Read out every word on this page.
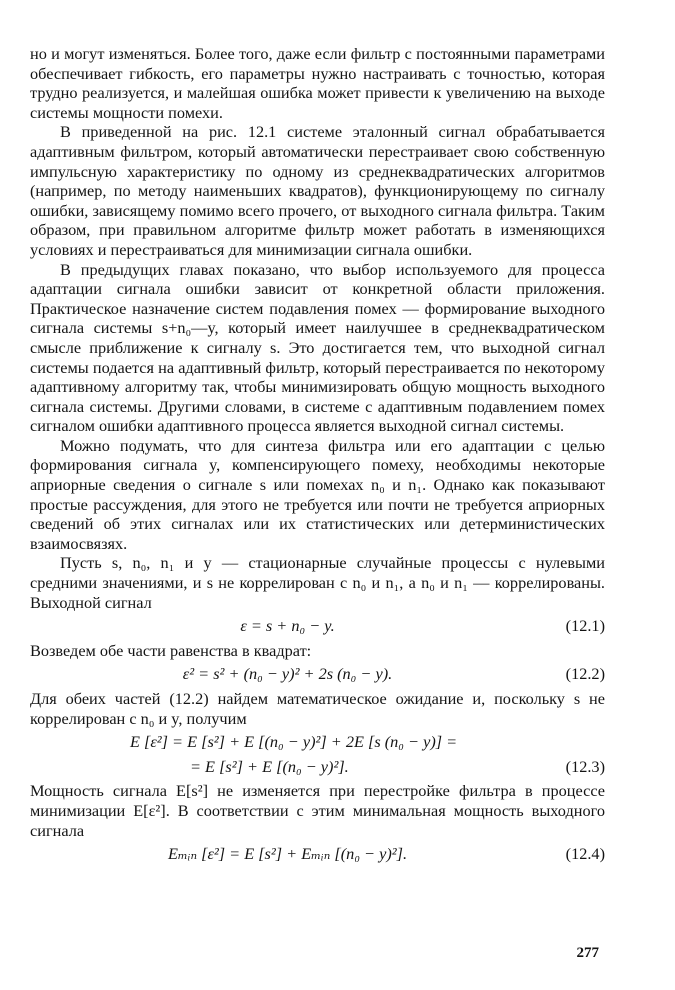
но и могут изменяться. Более того, даже если фильтр с постоянными параметрами обеспечивает гибкость, его параметры нужно настраивать с точностью, которая трудно реализуется, и малейшая ошибка может привести к увеличению на выходе системы мощности помехи.

В приведенной на рис. 12.1 системе эталонный сигнал обрабатывается адаптивным фильтром, который автоматически перестраивает свою собственную импульсную характеристику по одному из среднеквадратических алгоритмов (например, по методу наименьших квадратов), функционирующему по сигналу ошибки, зависящему помимо всего прочего, от выходного сигнала фильтра. Таким образом, при правильном алгоритме фильтр может работать в изменяющихся условиях и перестраиваться для минимизации сигнала ошибки.

В предыдущих главах показано, что выбор используемого для процесса адаптации сигнала ошибки зависит от конкретной области приложения. Практическое назначение систем подавления помех — формирование выходного сигнала системы s+n₀—y, который имеет наилучшее в среднеквадратическом смысле приближение к сигналу s. Это достигается тем, что выходной сигнал системы подается на адаптивный фильтр, который перестраивается по некоторому адаптивному алгоритму так, чтобы минимизировать общую мощность выходного сигнала системы. Другими словами, в системе с адаптивным подавлением помех сигналом ошибки адаптивного процесса является выходной сигнал системы.

Можно подумать, что для синтеза фильтра или его адаптации с целью формирования сигнала y, компенсирующего помеху, необходимы некоторые априорные сведения о сигнале s или помехах n₀ и n₁. Однако как показывают простые рассуждения, для этого не требуется или почти не требуется априорных сведений об этих сигналах или их статистических или детерминистических взаимосвязях.

Пусть s, n₀, n₁ и y — стационарные случайные процессы с нулевыми средними значениями, и s не коррелирован с n₀ и n₁, а n₀ и n₁ — коррелированы. Выходной сигнал

ε = s + n₀ − y.	(12.1)

Возведем обе части равенства в квадрат:

ε² = s² + (n₀ − y)² + 2s (n₀ − y).	(12.2)

Для обеих частей (12.2) найдем математическое ожидание и, поскольку s не коррелирован с n₀ и y, получим

E [ε²] = E [s²] + E [(n₀ − y)²] + 2E [s (n₀ − y)] =
= E [s²] + E [(n₀ − y)²].	(12.3)

Мощность сигнала E[s²] не изменяется при перестройке фильтра в процессе минимизации E[ε²]. В соответствии с этим минимальная мощность выходного сигнала

Eₘᵢₙ [ε²] = E [s²] + Eₘᵢₙ [(n₀ − y)²].	(12.4)
277
